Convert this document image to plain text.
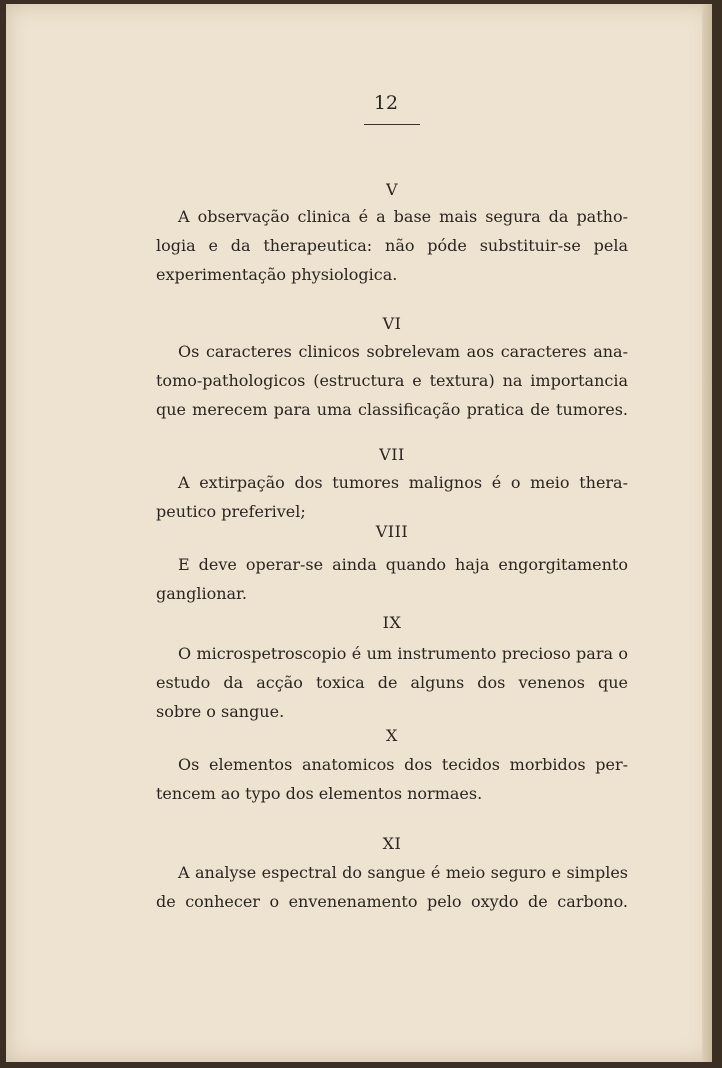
12
V
A observação clinica é a base mais segura da patho-
logia e da therapeutica: não póde substituir-se pela
experimentação physiologica.
VI
Os caracteres clinicos sobrelevam aos caracteres ana-
tomo-pathologicos (estructura e textura) na importancia
que merecem para uma classificação pratica de tumores.
VII
A extirpação dos tumores malignos é o meio thera-
peutico preferivel;
VIII
E deve operar-se ainda quando haja engorgitamento
ganglionar.
IX
O microspetroscopio é um instrumento precioso para o
estudo da acção toxica de alguns dos venenos que
sobre o sangue.
X
Os elementos anatomicos dos tecidos morbidos per-
tencem ao typo dos elementos normaes.
XI
A analyse espectral do sangue é meio seguro e simples
de conhecer o envenenamento pelo oxydo de carbono.
